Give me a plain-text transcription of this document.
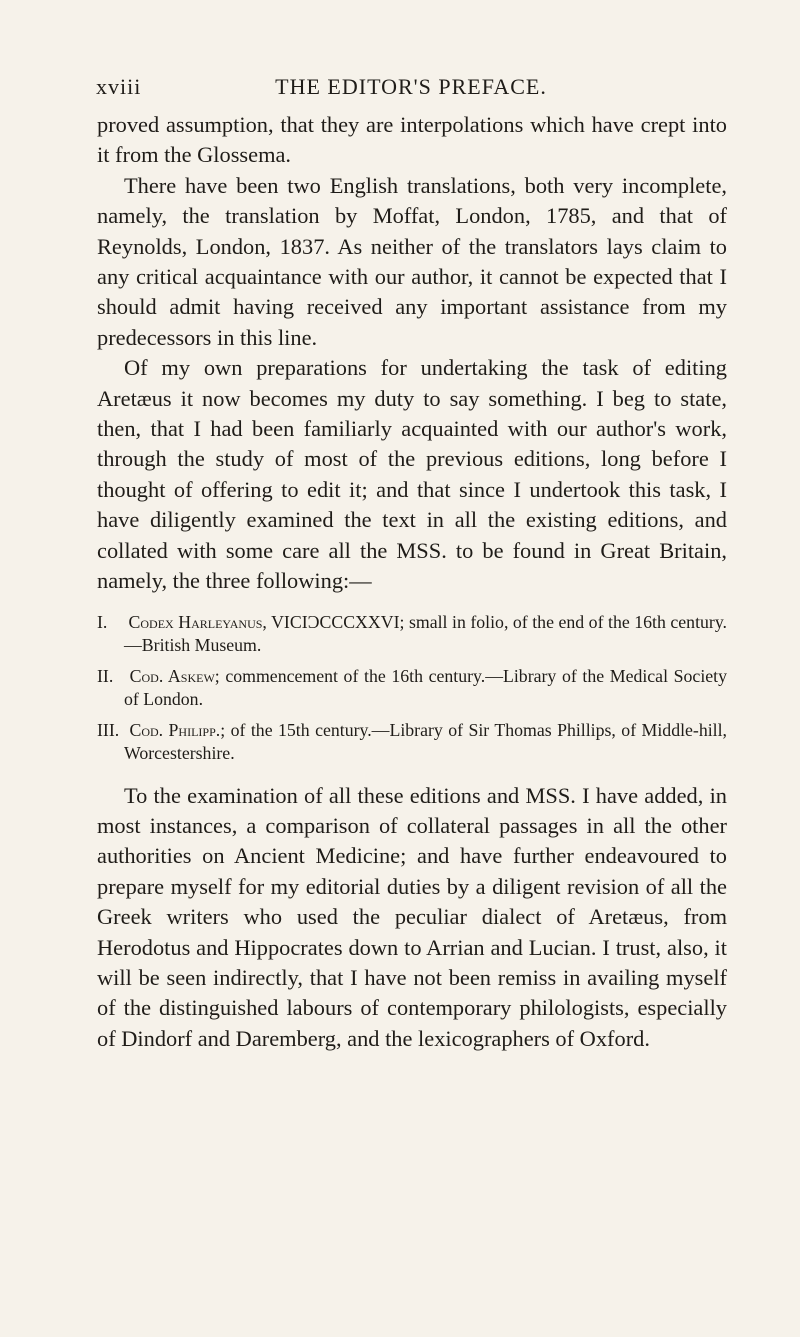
xviii	THE EDITOR'S PREFACE.

proved assumption, that they are interpolations which have crept into it from the Glossema.

There have been two English translations, both very incomplete, namely, the translation by Moffat, London, 1785, and that of Reynolds, London, 1837. As neither of the translators lays claim to any critical acquaintance with our author, it cannot be expected that I should admit having received any important assistance from my predecessors in this line.

Of my own preparations for undertaking the task of editing Aretæus it now becomes my duty to say something. I beg to state, then, that I had been familiarly acquainted with our author's work, through the study of most of the previous editions, long before I thought of offering to edit it; and that since I undertook this task, I have diligently examined the text in all the existing editions, and collated with some care all the MSS. to be found in Great Britain, namely, the three following:—

I. Codex Harleyanus, VICIƆCCCXXVI; small in folio, of the end of the 16th century.—British Museum.
II. Cod. Askew; commencement of the 16th century.—Library of the Medical Society of London.
III. Cod. Philipp.; of the 15th century.—Library of Sir Thomas Phillips, of Middle-hill, Worcestershire.

To the examination of all these editions and MSS. I have added, in most instances, a comparison of collateral passages in all the other authorities on Ancient Medicine; and have further endeavoured to prepare myself for my editorial duties by a diligent revision of all the Greek writers who used the peculiar dialect of Aretæus, from Herodotus and Hippocrates down to Arrian and Lucian. I trust, also, it will be seen indirectly, that I have not been remiss in availing myself of the distinguished labours of contemporary philologists, especially of Dindorf and Daremberg, and the lexicographers of Oxford.
